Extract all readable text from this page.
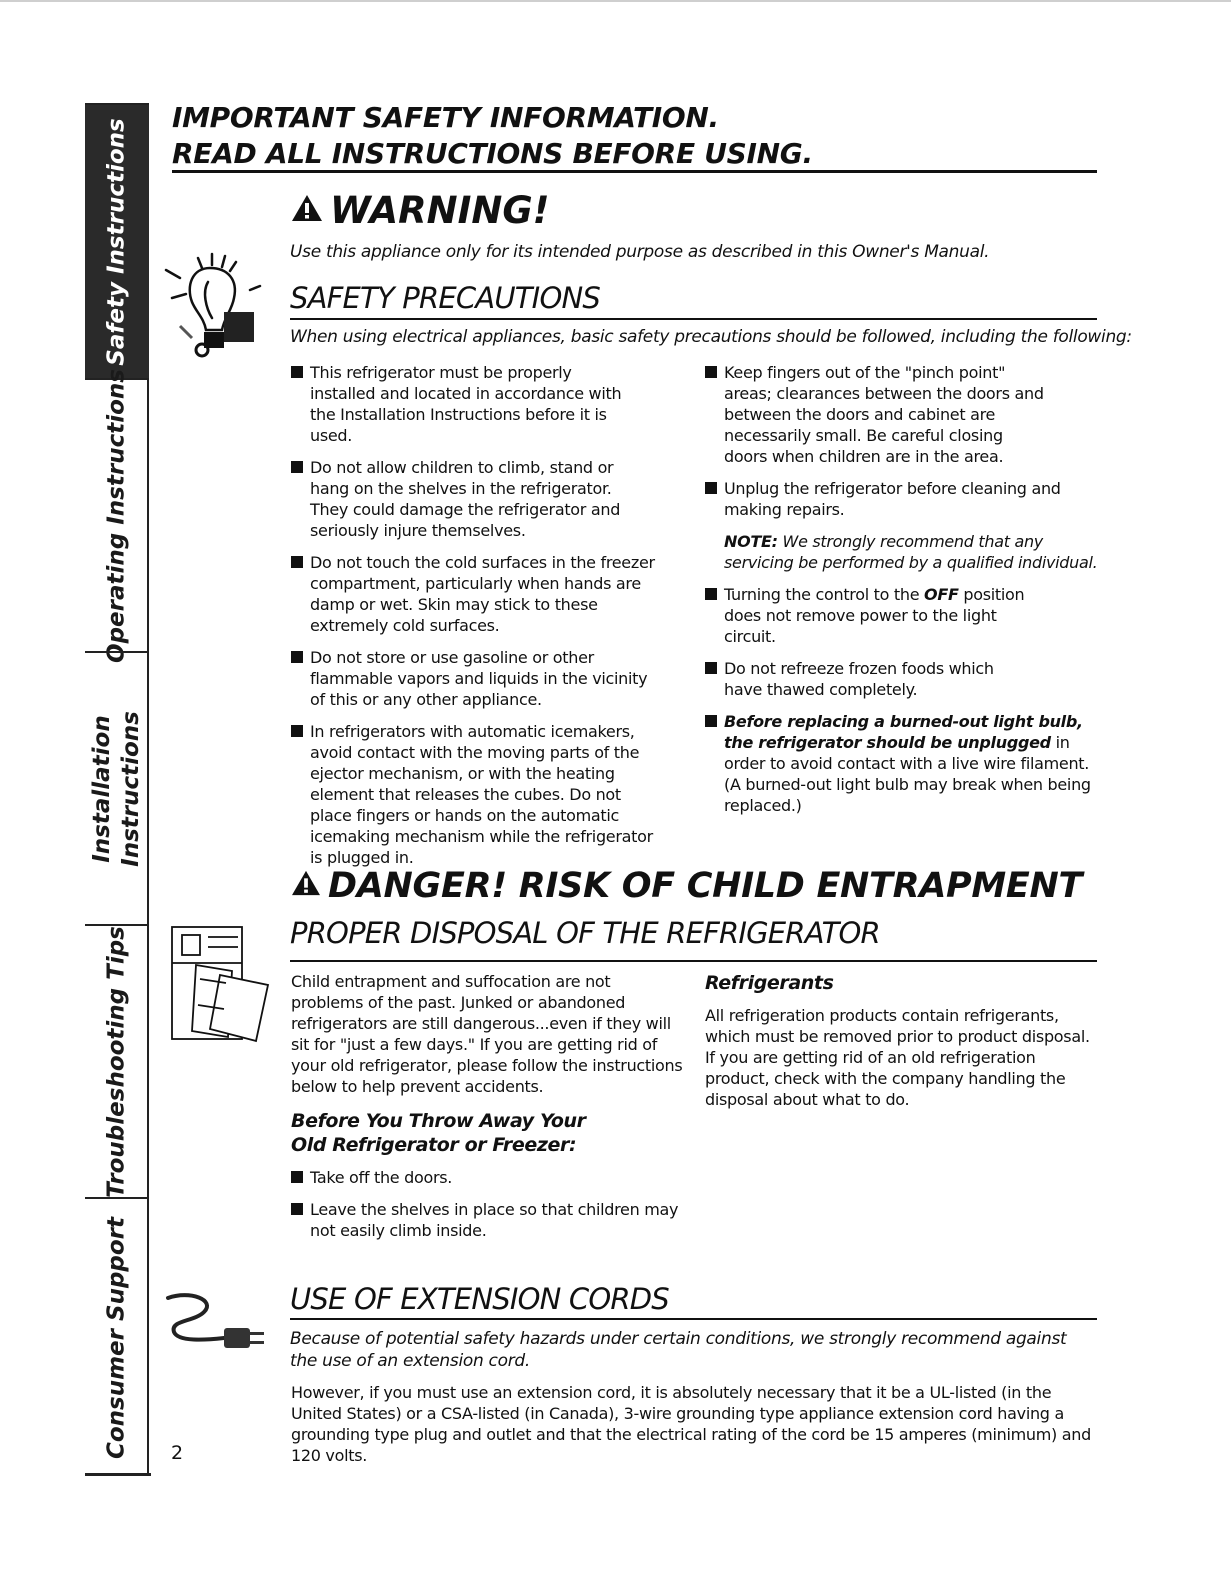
Safety Instructions
Operating Instructions
Installation Instructions
Troubleshooting Tips
Consumer Support
IMPORTANT SAFETY INFORMATION.
READ ALL INSTRUCTIONS BEFORE USING.
WARNING!
Use this appliance only for its intended purpose as described in this Owner's Manual.
SAFETY PRECAUTIONS
When using electrical appliances, basic safety precautions should be followed, including the following:
This refrigerator must be properly installed and located in accordance with the Installation Instructions before it is used.
Do not allow children to climb, stand or hang on the shelves in the refrigerator. They could damage the refrigerator and seriously injure themselves.
Do not touch the cold surfaces in the freezer compartment, particularly when hands are damp or wet. Skin may stick to these extremely cold surfaces.
Do not store or use gasoline or other flammable vapors and liquids in the vicinity of this or any other appliance.
In refrigerators with automatic icemakers, avoid contact with the moving parts of the ejector mechanism, or with the heating element that releases the cubes. Do not place fingers or hands on the automatic icemaking mechanism while the refrigerator is plugged in.
Keep fingers out of the "pinch point" areas; clearances between the doors and between the doors and cabinet are necessarily small. Be careful closing doors when children are in the area.
Unplug the refrigerator before cleaning and making repairs.
NOTE: We strongly recommend that any servicing be performed by a qualified individual.
Turning the control to the OFF position does not remove power to the light circuit.
Do not refreeze frozen foods which have thawed completely.
Before replacing a burned-out light bulb, the refrigerator should be unplugged in order to avoid contact with a live wire filament. (A burned-out light bulb may break when being replaced.)
DANGER! RISK OF CHILD ENTRAPMENT
PROPER DISPOSAL OF THE REFRIGERATOR
Child entrapment and suffocation are not problems of the past. Junked or abandoned refrigerators are still dangerous...even if they will sit for "just a few days." If you are getting rid of your old refrigerator, please follow the instructions below to help prevent accidents.
Before You Throw Away Your Old Refrigerator or Freezer:
Take off the doors.
Leave the shelves in place so that children may not easily climb inside.
Refrigerants
All refrigeration products contain refrigerants, which must be removed prior to product disposal. If you are getting rid of an old refrigeration product, check with the company handling the disposal about what to do.
USE OF EXTENSION CORDS
Because of potential safety hazards under certain conditions, we strongly recommend against the use of an extension cord.
However, if you must use an extension cord, it is absolutely necessary that it be a UL-listed (in the United States) or a CSA-listed (in Canada), 3-wire grounding type appliance extension cord having a grounding type plug and outlet and that the electrical rating of the cord be 15 amperes (minimum) and 120 volts.
2
